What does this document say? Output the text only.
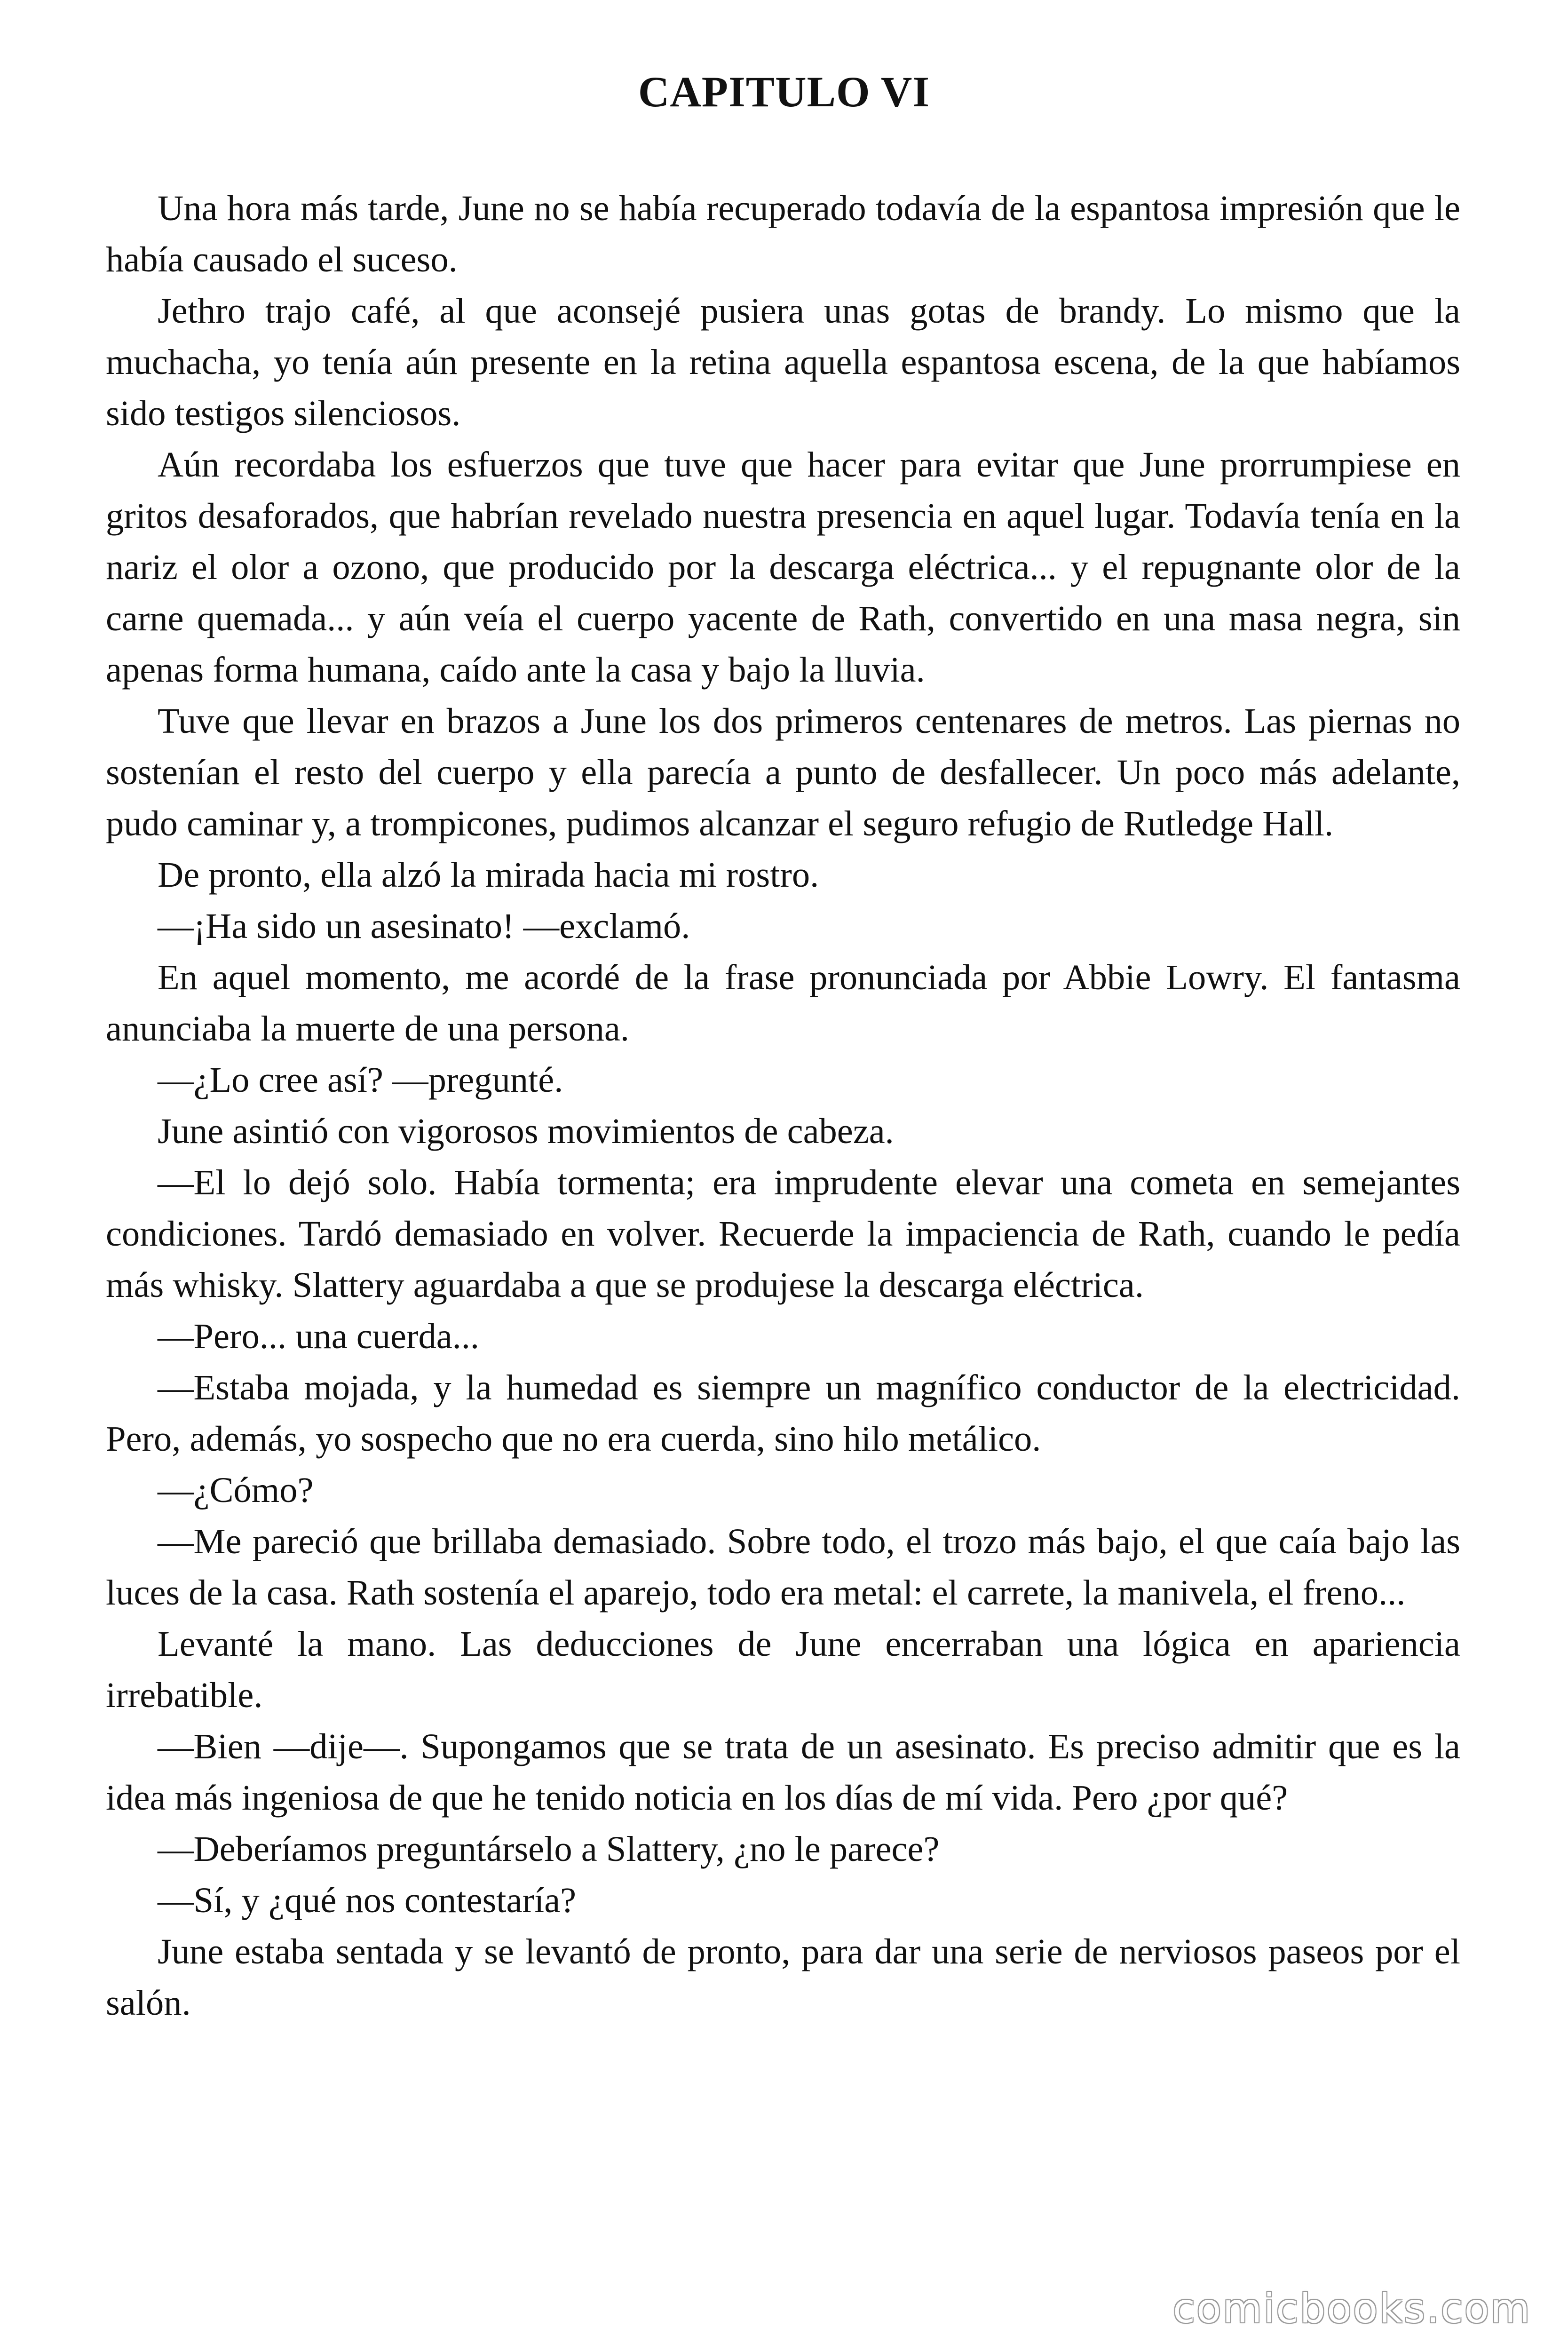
CAPITULO VI

Una hora más tarde, June no se había recuperado todavía de la espantosa impresión que le había causado el suceso.

Jethro trajo café, al que aconsejé pusiera unas gotas de brandy. Lo mismo que la muchacha, yo tenía aún presente en la retina aquella espantosa escena, de la que habíamos sido testigos silenciosos.

Aún recordaba los esfuerzos que tuve que hacer para evitar que June prorrumpiese en gritos desaforados, que habrían revelado nuestra presencia en aquel lugar. Todavía tenía en la nariz el olor a ozono, que producido por la descarga eléctrica... y el repugnante olor de la carne quemada... y aún veía el cuerpo yacente de Rath, convertido en una masa negra, sin apenas forma humana, caído ante la casa y bajo la lluvia.

Tuve que llevar en brazos a June los dos primeros centenares de metros. Las piernas no sostenían el resto del cuerpo y ella parecía a punto de desfallecer. Un poco más adelante, pudo caminar y, a trompicones, pudimos alcanzar el seguro refugio de Rutledge Hall.

De pronto, ella alzó la mirada hacia mi rostro.

—¡Ha sido un asesinato! —exclamó.

En aquel momento, me acordé de la frase pronunciada por Abbie Lowry. El fantasma anunciaba la muerte de una persona.

—¿Lo cree así? —pregunté.

June asintió con vigorosos movimientos de cabeza.

—El lo dejó solo. Había tormenta; era imprudente elevar una cometa en semejantes condiciones. Tardó demasiado en volver. Recuerde la impaciencia de Rath, cuando le pedía más whisky. Slattery aguardaba a que se produjese la descarga eléctrica.

—Pero... una cuerda...

—Estaba mojada, y la humedad es siempre un magnífico conductor de la electricidad. Pero, además, yo sospecho que no era cuerda, sino hilo metálico.

—¿Cómo?

—Me pareció que brillaba demasiado. Sobre todo, el trozo más bajo, el que caía bajo las luces de la casa. Rath sostenía el aparejo, todo era metal: el carrete, la manivela, el freno...

Levanté la mano. Las deducciones de June encerraban una lógica en apariencia irrebatible.

—Bien —dije—. Supongamos que se trata de un asesinato. Es preciso admitir que es la idea más ingeniosa de que he tenido noticia en los días de mí vida. Pero ¿por qué?

—Deberíamos preguntárselo a Slattery, ¿no le parece?

—Sí, y ¿qué nos contestaría?

June estaba sentada y se levantó de pronto, para dar una serie de nerviosos paseos por el salón.

comicbooks.com
